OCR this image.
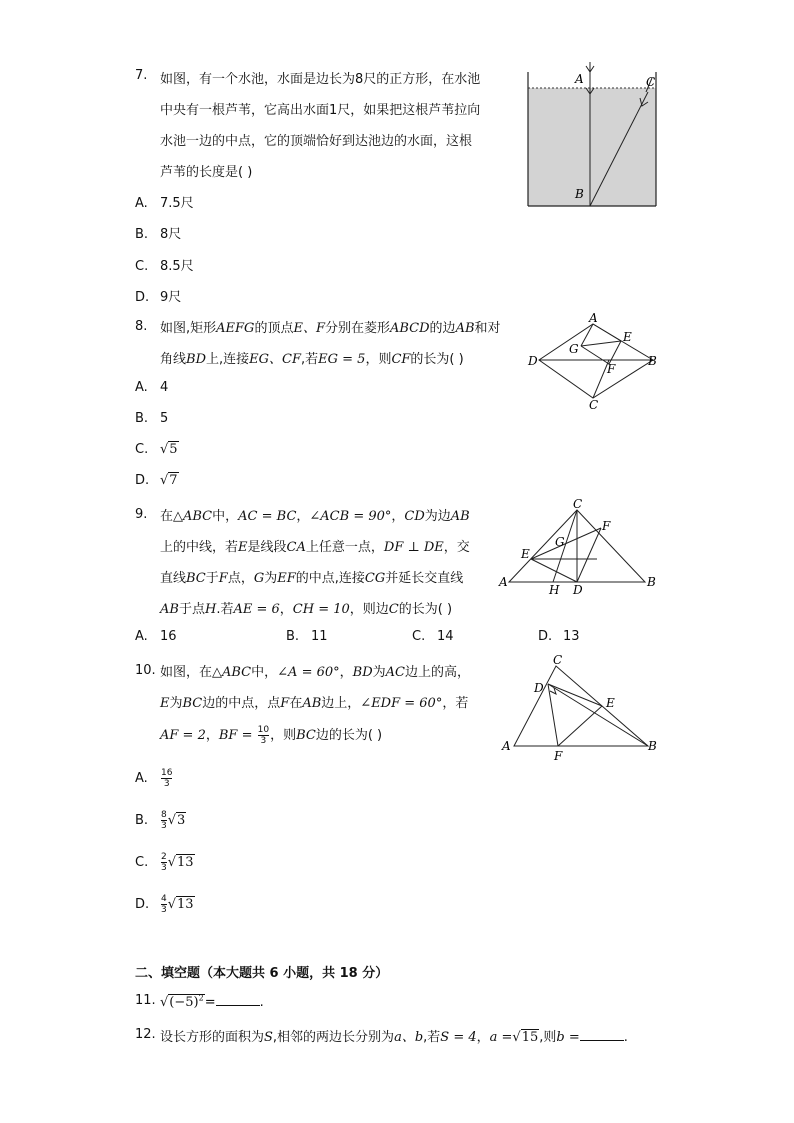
7. 如图，有一个水池，水面是边长为8尺的正方形，在水池
中央有一根芦苇，它高出水面1尺，如果把这根芦苇拉向
水池一边的中点，它的顶端恰好到达池边的水面，这根
芦苇的长度是( )
A. 7.5尺
B. 8尺
C. 8.5尺
D. 9尺
A	C
B
8. 如图,矩形AEFG的顶点E、F分别在菱形ABCD的边AB和对
角线BD上,连接EG、CF,若EG = 5，则CF的长为( )
A. 4
B. 5
C. √5
D. √7
A
E
G
D	B
F
C
9. 在△ABC中，AC = BC，∠ACB = 90°，CD为边AB
上的中线，若E是线段CA上任意一点，DF ⊥ DE，交
直线BC于F点，G为EF的中点,连接CG并延长交直线
AB于点H.若AE = 6，CH = 10，则边C的长为( )
A. 16	B. 11	C. 14	D. 13
C
F
G
E
A	B
H D
10. 如图，在△ABC中，∠A = 60°，BD为AC边上的高，
E为BC边的中点，点F在AB边上，∠EDF = 60°，若
AF = 2，BF = $\frac{10}{3}$ ，则BC边的长为( )
A. $\frac{16}{3}$
B. $\frac{8}{3} √3$
C. $\frac{2}{3} √13$
D. $\frac{4}{3} √13$
C
D
E
A	B
F
二、填空题（本大题共 6 小题，共 18 分）
11. $√(-5)^2=$	.
12. 设长方形的面积为S,相邻的两边长分别为a、b,若S = 4，a =√15,则b =	.
